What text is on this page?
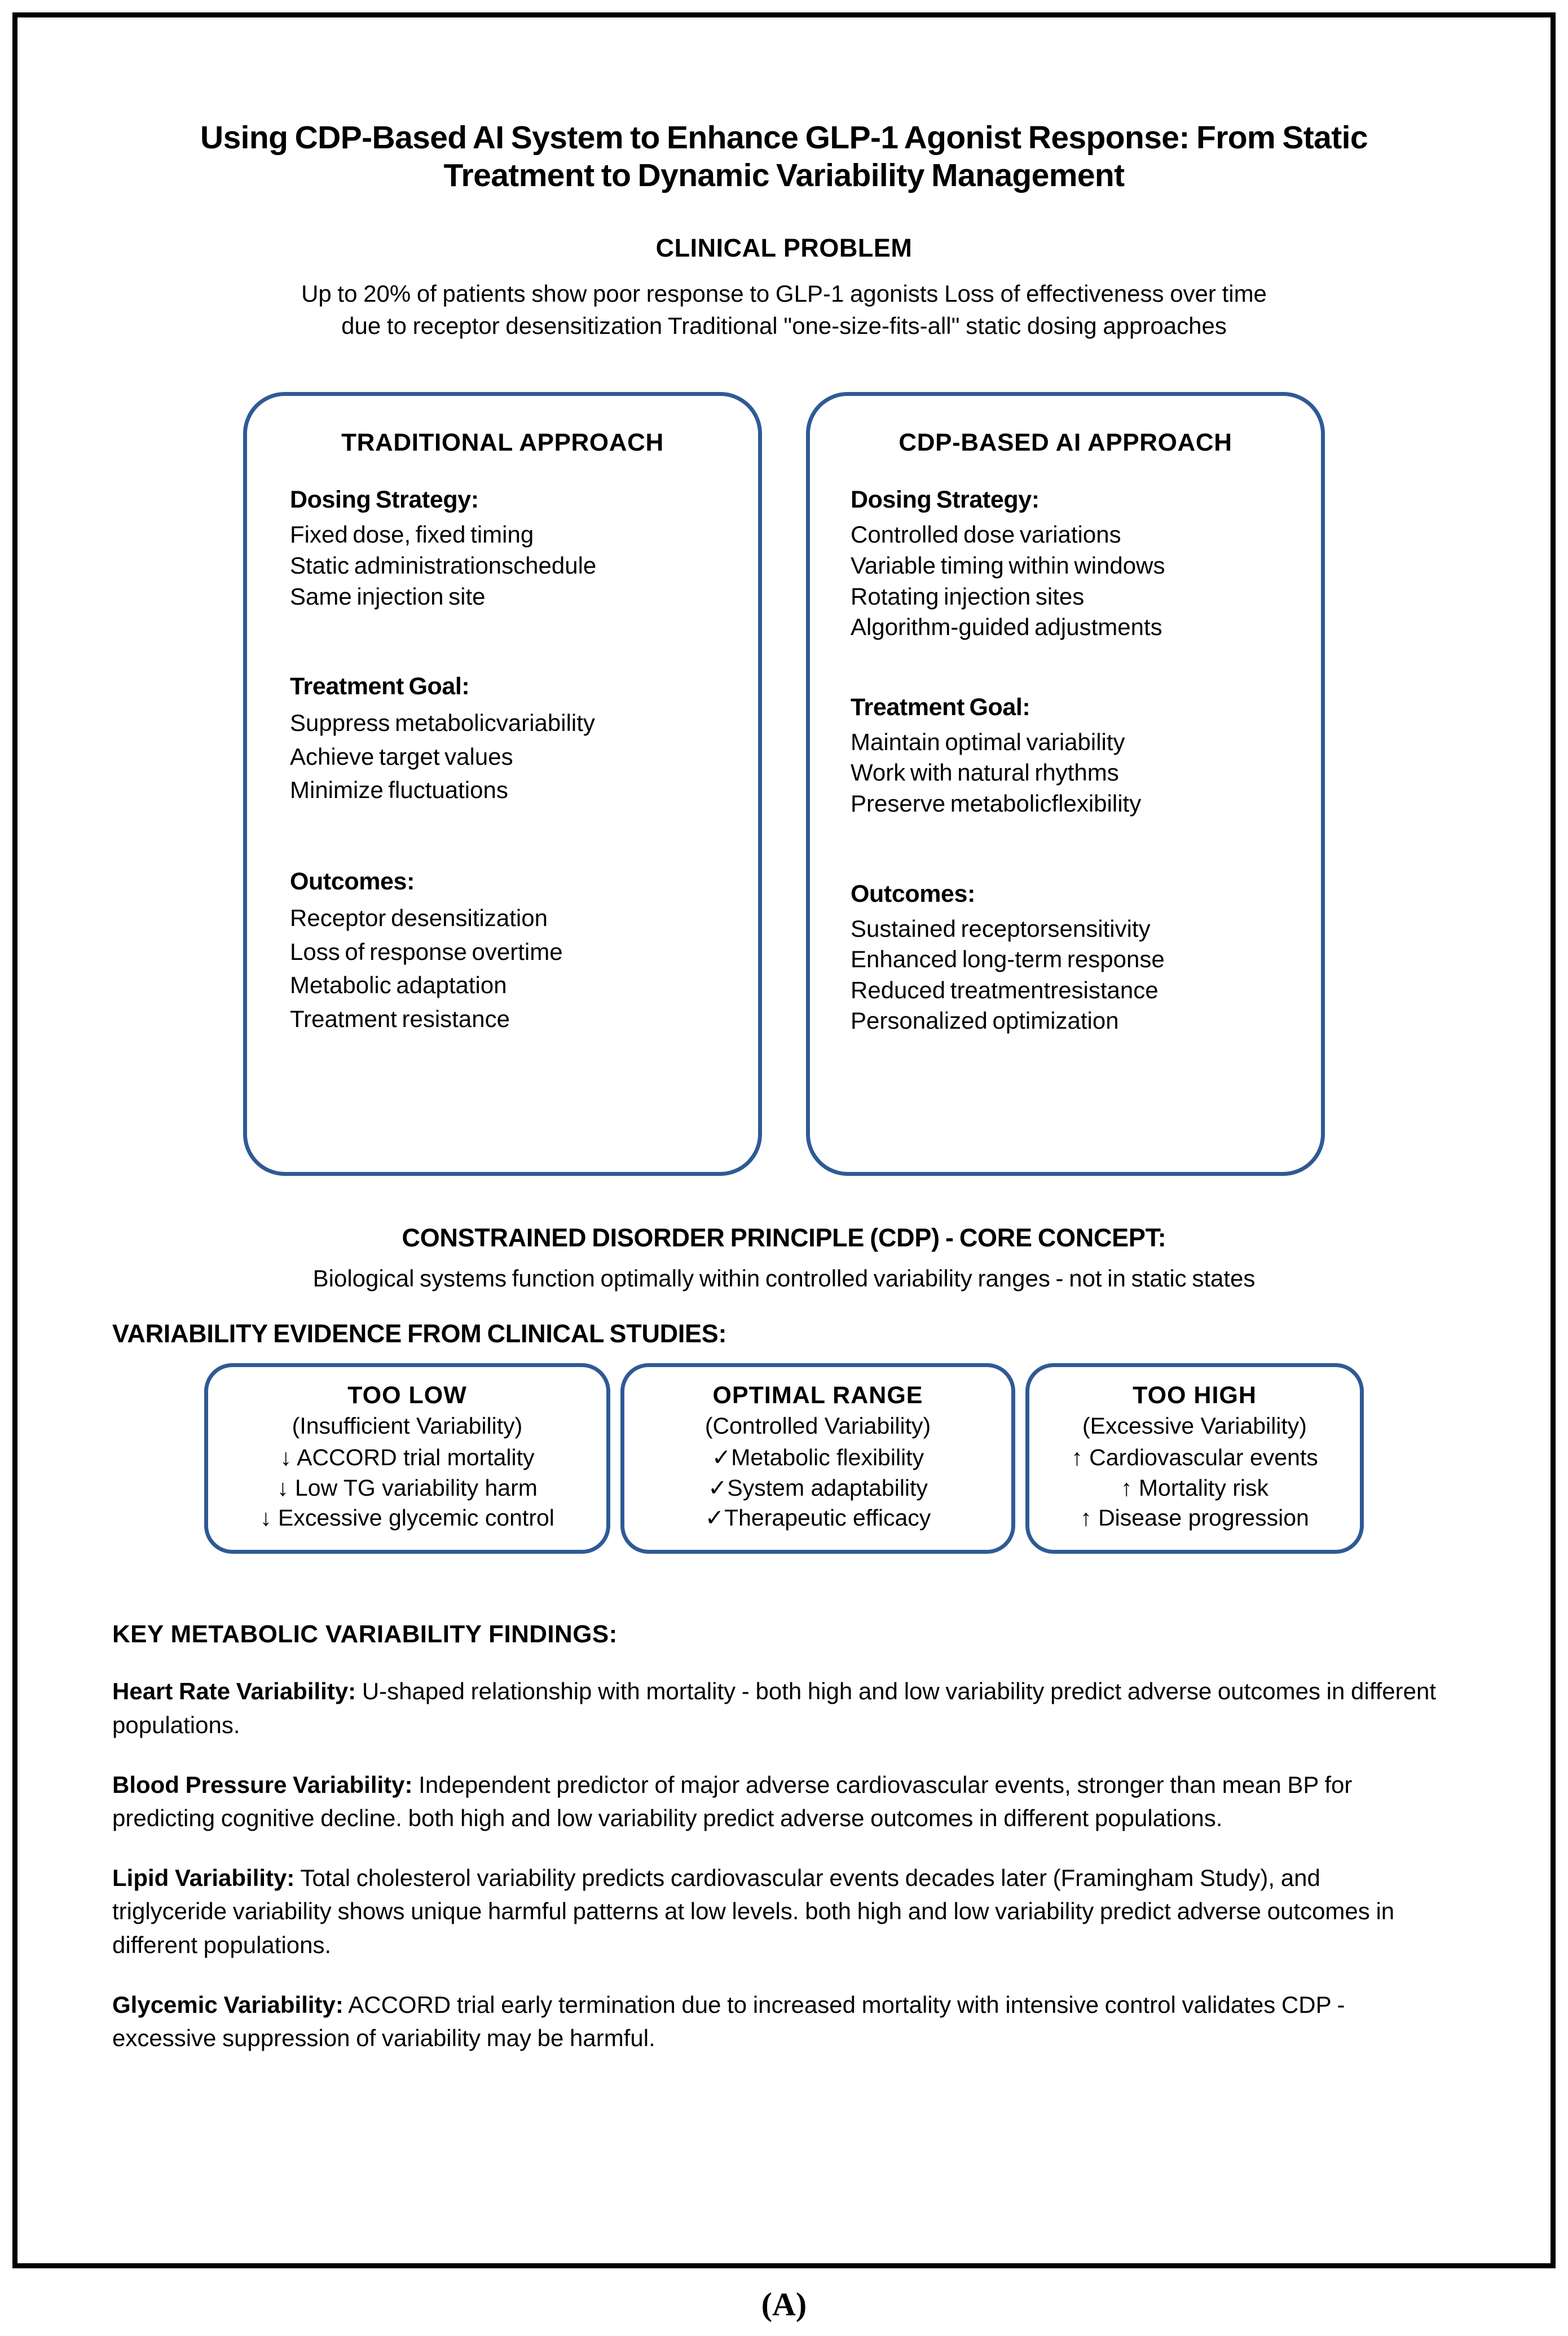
Using CDP-Based AI System to Enhance GLP-1 Agonist Response: From Static Treatment to Dynamic Variability Management
CLINICAL PROBLEM
Up to 20% of patients show poor response to GLP-1 agonists Loss of effectiveness over time
due to receptor desensitization Traditional "one-size-fits-all" static dosing approaches
TRADITIONAL APPROACH
Dosing Strategy:
Fixed dose, fixed timing
Static administrationschedule
Same injection site
Treatment Goal:
Suppress metabolicvariability
Achieve target values
Minimize fluctuations
Outcomes:
Receptor desensitization
Loss of response overtime
Metabolic adaptation
Treatment resistance
CDP-BASED AI APPROACH
Dosing Strategy:
Controlled dose variations
Variable timing within windows
Rotating injection sites
Algorithm-guided adjustments
Treatment Goal:
Maintain optimal variability
Work with natural rhythms
Preserve metabolicflexibility
Outcomes:
Sustained receptorsensitivity
Enhanced long-term response
Reduced treatmentresistance
Personalized optimization
CONSTRAINED DISORDER PRINCIPLE (CDP) - CORE CONCEPT:
Biological systems function optimally within controlled variability ranges - not in static states
VARIABILITY EVIDENCE FROM CLINICAL STUDIES:
TOO LOW
(Insufficient Variability)
↓ ACCORD trial mortality
↓ Low TG variability harm
↓ Excessive glycemic control
OPTIMAL RANGE
(Controlled Variability)
✓Metabolic flexibility
✓System adaptability
✓Therapeutic efficacy
TOO HIGH
(Excessive Variability)
↑ Cardiovascular events
↑ Mortality risk
↑ Disease progression
KEY METABOLIC VARIABILITY FINDINGS:
Heart Rate Variability: U-shaped relationship with mortality - both high and low variability predict adverse outcomes in different populations.
Blood Pressure Variability: Independent predictor of major adverse cardiovascular events, stronger than mean BP for predicting cognitive decline. both high and low variability predict adverse outcomes in different populations.
Lipid Variability: Total cholesterol variability predicts cardiovascular events decades later (Framingham Study), and triglyceride variability shows unique harmful patterns at low levels. both high and low variability predict adverse outcomes in different populations.
Glycemic Variability: ACCORD trial early termination due to increased mortality with intensive control validates CDP - excessive suppression of variability may be harmful.
(A)
